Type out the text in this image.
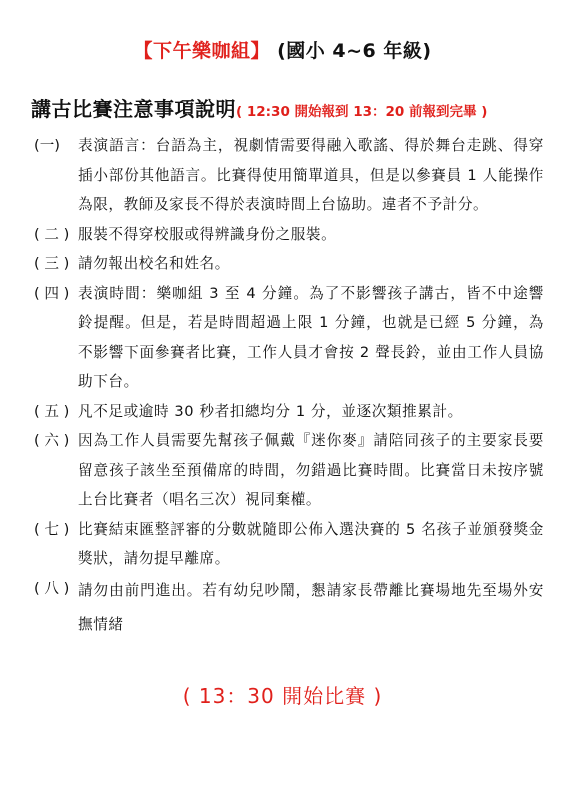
【下午樂咖組】 (國小 4~6 年級)
講古比賽注意事項說明( 12:30 開始報到 13：20 前報到完畢 )
(一)	表演語言：台語為主，視劇情需要得融入歌謠、得於舞台走跳、得穿插小部份其他語言。比賽得使用簡單道具，但是以參賽員 1 人能操作為限，教師及家長不得於表演時間上台協助。違者不予計分。
( 二 ) 服裝不得穿校服或得辨識身份之服裝。
( 三 ) 請勿報出校名和姓名。
( 四 ) 表演時間：樂咖組 3 至 4 分鐘。為了不影響孩子講古，皆不中途響鈴提醒。但是，若是時間超過上限 1 分鐘，也就是已經 5 分鐘，為不影響下面參賽者比賽，工作人員才會按 2 聲長鈴，並由工作人員協助下台。
( 五 ) 凡不足或逾時 30 秒者扣總均分 1 分，並逐次類推累計。
( 六 ) 因為工作人員需要先幫孩子佩戴『迷你麥』請陪同孩子的主要家長要留意孩子該坐至預備席的時間，勿錯過比賽時間。比賽當日未按序號上台比賽者（唱名三次）視同棄權。
( 七 ) 比賽結束匯整評審的分數就隨即公佈入選決賽的 5 名孩子並頒發獎金獎狀，請勿提早離席。
( 八 ) 請勿由前門進出。若有幼兒吵鬧，懇請家長帶離比賽場地先至場外安撫情緒
( 13：30 開始比賽 )
